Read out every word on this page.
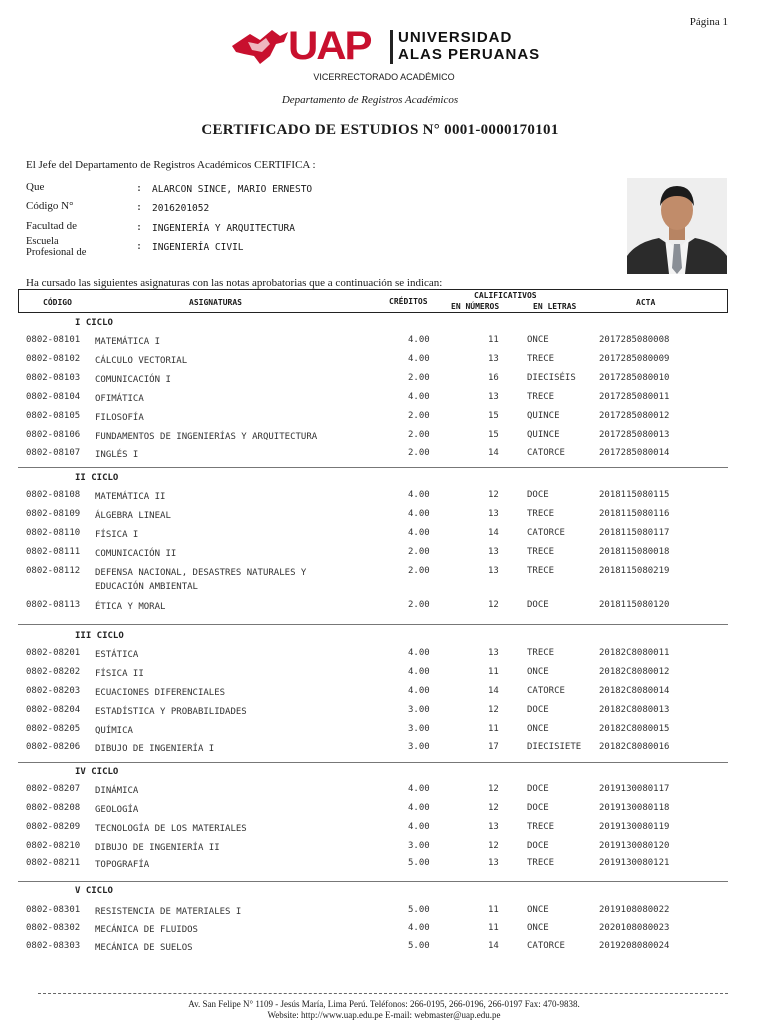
Página 1
UAP UNIVERSIDAD
ALAS PERUANAS
VICERRECTORADO ACADÉMICO
Departamento de Registros Académicos
CERTIFICADO DE ESTUDIOS N° 0001-0000170101
El Jefe del Departamento de Registros Académicos CERTIFICA :
Que	: ALARCON SINCE, MARIO ERNESTO
Código N°	: 2016201052
Facultad de	: INGENIERÍA Y ARQUITECTURA
Escuela
Profesional de
: INGENIERÍA CIVIL
Ha cursado las siguientes asignaturas con las notas aprobatorias que a continuación se indican:
CÓDIGO	ASIGNATURAS	CRÉDITOS
CALIFICATIVOS
EN NÚMEROS	EN LETRAS	ACTA
I CICLO
0802-08101 MATEMÁTICA I	4.00	11	ONCE	2017285080008
0802-08102 CÁLCULO VECTORIAL	4.00	13	TRECE	2017285080009
0802-08103 COMUNICACIÓN I	2.00	16	DIECISÉIS	2017285080010
0802-08104 OFIMÁTICA	4.00	13	TRECE	2017285080011
0802-08105 FILOSOFÍA	2.00	15	QUINCE	2017285080012
0802-08106 FUNDAMENTOS DE INGENIERÍAS Y ARQUITECTURA	2.00	15	QUINCE	2017285080013
0802-08107 INGLÉS I	2.00	14	CATORCE	2017285080014
II CICLO
0802-08108 MATEMÁTICA II	4.00	12	DOCE	2018115080115
0802-08109 ÁLGEBRA LINEAL	4.00	13	TRECE	2018115080116
0802-08110 FÍSICA I	4.00	14	CATORCE	2018115080117
0802-08111 COMUNICACIÓN II	2.00	13	TRECE	2018115080018
0802-08112 DEFENSA NACIONAL, DESASTRES NATURALES Y
EDUCACIÓN AMBIENTAL
2.00	13	TRECE	2018115080219
0802-08113 ÉTICA Y MORAL	2.00	12	DOCE	2018115080120
III CICLO
0802-08201 ESTÁTICA	4.00	13	TRECE	20182C8080011
0802-08202 FÍSICA II	4.00	11	ONCE	20182C8080012
0802-08203 ECUACIONES DIFERENCIALES	4.00	14	CATORCE	20182C8080014
0802-08204 ESTADÍSTICA Y PROBABILIDADES	3.00	12	DOCE	20182C8080013
0802-08205 QUÍMICA	3.00	11	ONCE	20182C8080015
0802-08206 DIBUJO DE INGENIERÍA I	3.00	17	DIECISIETE 20182C8080016
IV CICLO
0802-08207 DINÁMICA	4.00	12	DOCE	2019130080117
0802-08208 GEOLOGÍA	4.00	12	DOCE	2019130080118
0802-08209 TECNOLOGÍA DE LOS MATERIALES	4.00	13	TRECE	2019130080119
0802-08210 DIBUJO DE INGENIERÍA II	3.00	12	DOCE	2019130080120
0802-08211 TOPOGRAFÍA	5.00	13	TRECE	2019130080121
V CICLO
0802-08301 RESISTENCIA DE MATERIALES I	5.00	11	ONCE	2019108080022
0802-08302 MECÁNICA DE FLUIDOS	4.00	11	ONCE	2020108080023
0802-08303 MECÁNICA DE SUELOS	5.00	14	CATORCE	2019208080024
Av. San Felipe N° 1109 - Jesús María, Lima Perú. Teléfonos: 266-0195, 266-0196, 266-0197 Fax: 470-9838.
Website: http://www.uap.edu.pe E-mail: webmaster@uap.edu.pe
